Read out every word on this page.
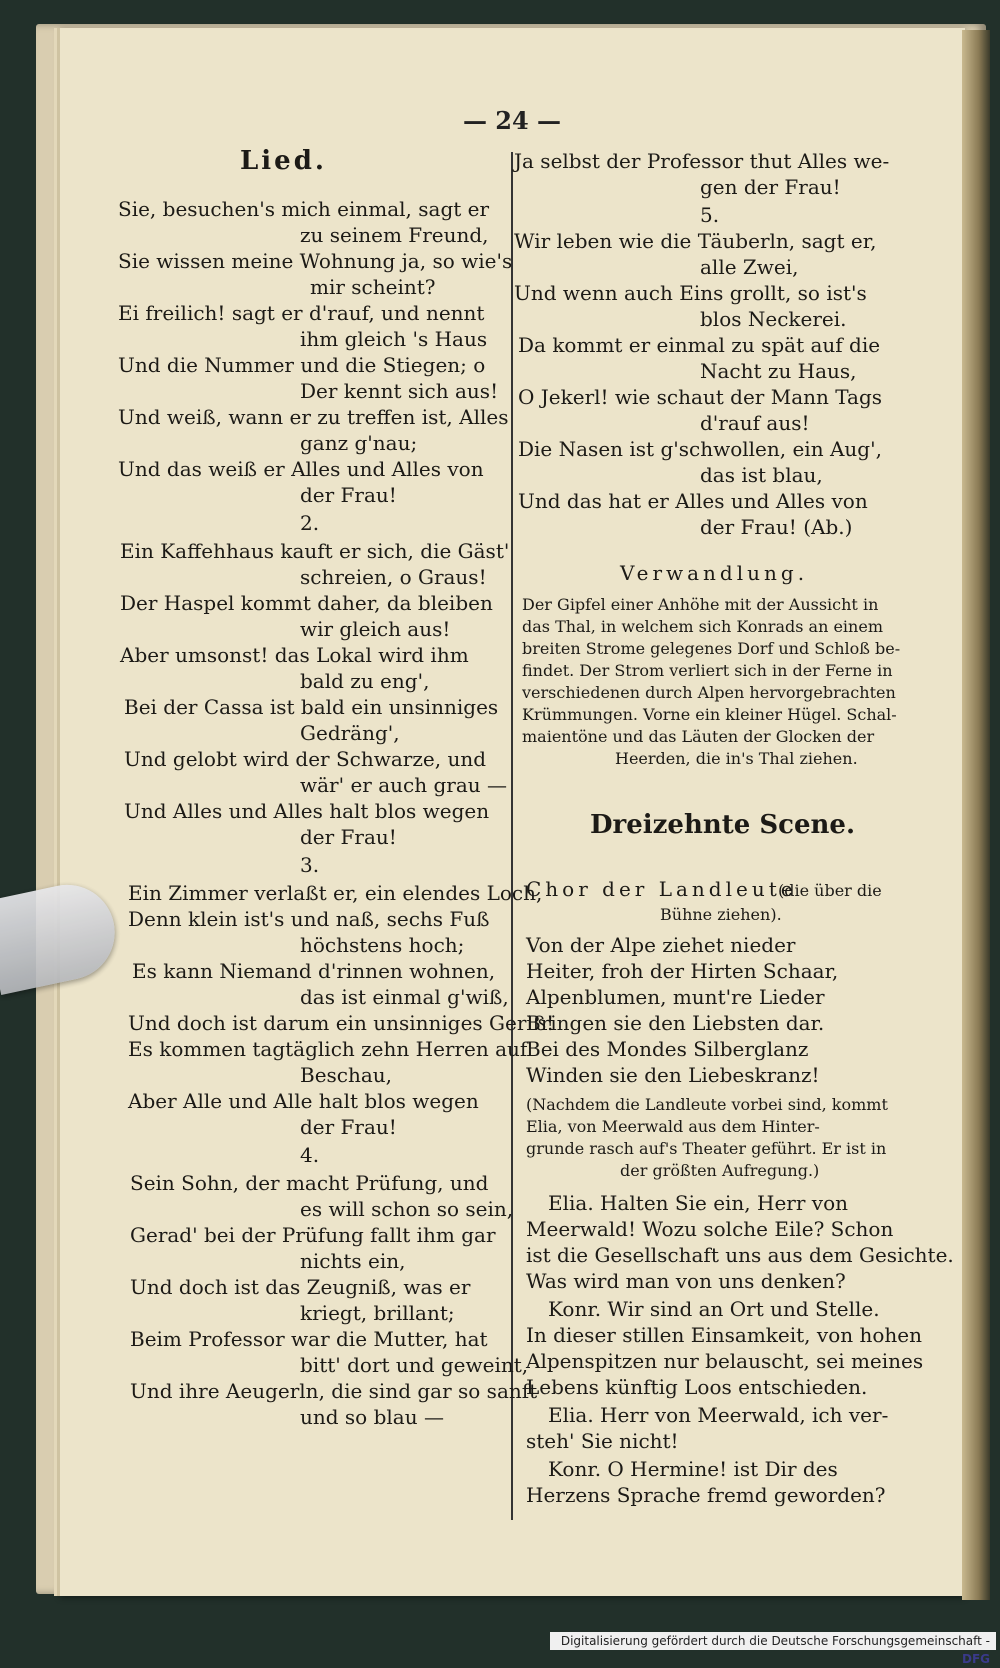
— 24 —

Lied.

Sie, besuchen's mich einmal, sagt er

zu seinem Freund,

Sie wissen meine Wohnung ja, so wie's

mir scheint?

Ei freilich! sagt er d'rauf, und nennt

ihm gleich 's Haus

Und die Nummer und die Stiegen; o

Der kennt sich aus!

Und weiß, wann er zu treffen ist, Alles

ganz g'nau;

Und das weiß er Alles und Alles von

der Frau!

2.

Ein Kaffehhaus kauft er sich, die Gäst'

schreien, o Graus!

Der Haspel kommt daher, da bleiben

wir gleich aus!

Aber umsonst! das Lokal wird ihm

bald zu eng',

Bei der Cassa ist bald ein unsinniges

Gedräng',

Und gelobt wird der Schwarze, und

wär' er auch grau —

Und Alles und Alles halt blos wegen

der Frau!

3.

Ein Zimmer verlaßt er, ein elendes Loch,

Denn klein ist's und naß, sechs Fuß

höchstens hoch;

Es kann Niemand d'rinnen wohnen,

das ist einmal g'wiß,

Und doch ist darum ein unsinniges Geriß!

Es kommen tagtäglich zehn Herren auf

Beschau,

Aber Alle und Alle halt blos wegen

der Frau!

4.

Sein Sohn, der macht Prüfung, und

es will schon so sein,

Gerad' bei der Prüfung fallt ihm gar

nichts ein,

Und doch ist das Zeugniß, was er

kriegt, brillant;

Beim Professor war die Mutter, hat

bitt' dort und geweint,

Und ihre Aeugerln, die sind gar so sanft

und so blau —

Ja selbst der Professor thut Alles we-

gen der Frau!

5.

Wir leben wie die Täuberln, sagt er,

alle Zwei,

Und wenn auch Eins grollt, so ist's

blos Neckerei.

Da kommt er einmal zu spät auf die

Nacht zu Haus,

O Jekerl! wie schaut der Mann Tags

d'rauf aus!

Die Nasen ist g'schwollen, ein Aug',

das ist blau,

Und das hat er Alles und Alles von

der Frau! (Ab.)

Verwandlung.

Der Gipfel einer Anhöhe mit der Aussicht in

das Thal, in welchem sich Konrads an einem

breiten Strome gelegenes Dorf und Schloß be-

findet. Der Strom verliert sich in der Ferne in

verschiedenen durch Alpen hervorgebrachten

Krümmungen. Vorne ein kleiner Hügel. Schal-

maientöne und das Läuten der Glocken der

Heerden, die in's Thal ziehen.

Dreizehnte Scene.

Chor der Landleute

(die über die

Bühne ziehen).

Von der Alpe ziehet nieder

Heiter, froh der Hirten Schaar,

Alpenblumen, munt're Lieder

Bringen sie den Liebsten dar.

Bei des Mondes Silberglanz

Winden sie den Liebeskranz!

(Nachdem die Landleute vorbei sind, kommt

Elia, von Meerwald aus dem Hinter-

grunde rasch auf's Theater geführt. Er ist in

der größten Aufregung.)

Elia. Halten Sie ein, Herr von

Meerwald! Wozu solche Eile? Schon

ist die Gesellschaft uns aus dem Gesichte.

Was wird man von uns denken?

Konr. Wir sind an Ort und Stelle.

In dieser stillen Einsamkeit, von hohen

Alpenspitzen nur belauscht, sei meines

Lebens künftig Loos entschieden.

Elia. Herr von Meerwald, ich ver-

steh' Sie nicht!

Konr. O Hermine! ist Dir des

Herzens Sprache fremd geworden?

Digitalisierung gefördert durch die Deutsche Forschungsgemeinschaft - DFG
